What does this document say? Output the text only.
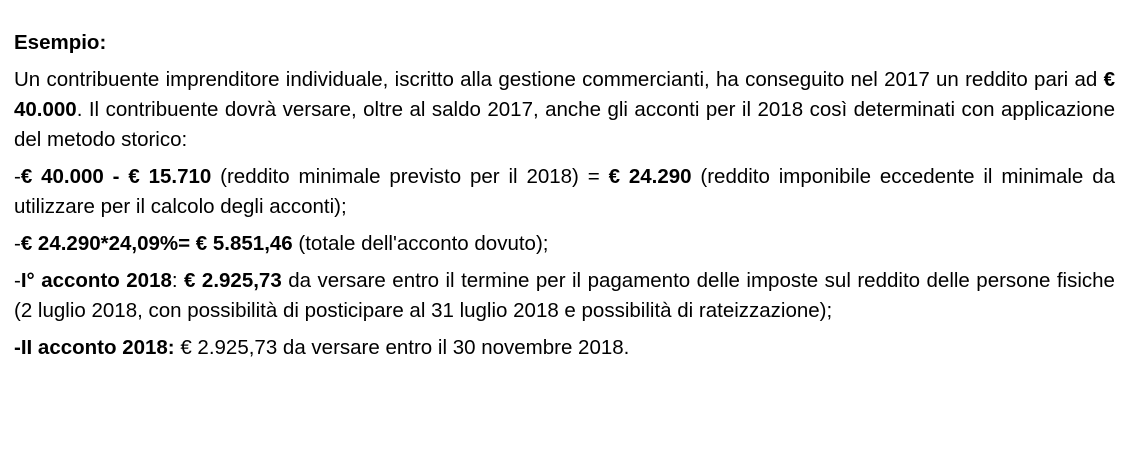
Esempio:

Un contribuente imprenditore individuale, iscritto alla gestione commercianti, ha conseguito nel 2017 un reddito pari ad € 40.000. Il contribuente dovrà versare, oltre al saldo 2017, anche gli acconti per il 2018 così determinati con applicazione del metodo storico:

-€ 40.000 - € 15.710 (reddito minimale previsto per il 2018) = € 24.290 (reddito imponibile eccedente il minimale da utilizzare per il calcolo degli acconti);

-€ 24.290*24,09%= € 5.851,46 (totale dell'acconto dovuto);

-I° acconto 2018: € 2.925,73 da versare entro il termine per il pagamento delle imposte sul reddito delle persone fisiche (2 luglio 2018, con possibilità di posticipare al 31 luglio 2018 e possibilità di rateizzazione);

-II acconto 2018: € 2.925,73 da versare entro il 30 novembre 2018.
